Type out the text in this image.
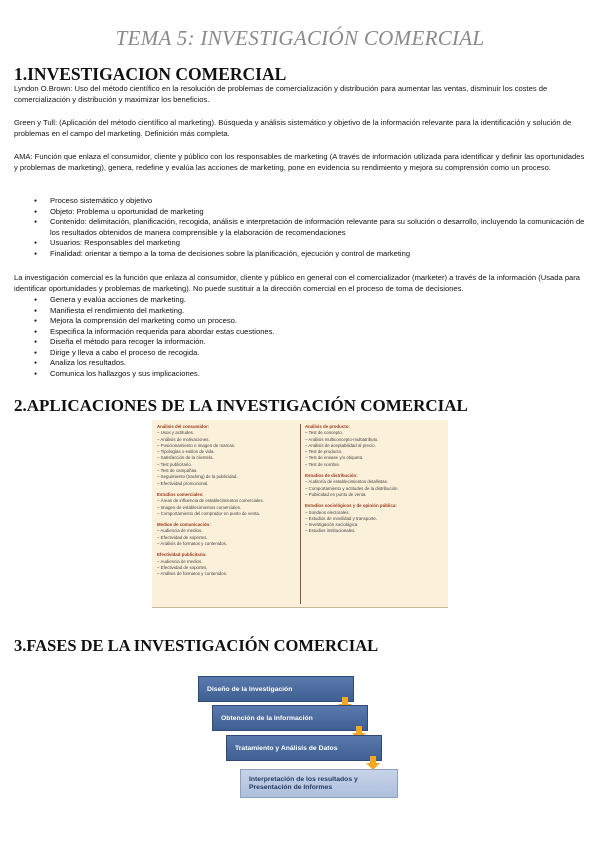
TEMA 5: INVESTIGACIÓN COMERCIAL
1.INVESTIGACION COMERCIAL
Lyndon O.Brown: Uso del método científico en la resolución de problemas de comercialización y distribución para aumentar las ventas, disminuir los costes de comercialización y distribución y maximizar los beneficios.
Green y Tull: (Aplicación del método científico al marketing). Búsqueda y análisis sistemático y objetivo de la información relevante para la identificación y solución de problemas en el campo del marketing. Definición más completa.
AMA: Función que enlaza el consumidor, cliente y público con los responsables de marketing (A través de información utilizada para identificar y definir las oportunidades y problemas de marketing), genera, redefine y evalúa las acciones de marketing, pone en evidencia su rendimiento y mejora su comprensión como un proceso.
● Proceso sistemático y objetivo
● Objeto: Problema u oportunidad de marketing
● Contenido: delimitación, planificación, recogida, análisis e interpretación de información relevante para su solución o desarrollo, incluyendo la comunicación de los resultados obtenidos de manera comprensible y la elaboración de recomendaciones
● Usuarios: Responsables del marketing
● Finalidad: orientar a tiempo a la toma de decisiones sobre la planificación, ejecución y control de marketing
La investigación comercial es la función que enlaza al consumidor, cliente y público en general con el comercializador (marketer) a través de la información (Usada para identificar oportunidades y problemas de marketing). No puede sustituir a la dirección comercial en el proceso de toma de decisiones.
● Genera y evalúa acciones de marketing.
● Manifiesta el rendimiento del marketing.
● Mejora la comprensión del marketing como un proceso.
● Especifica la información requerida para abordar estas cuestiones.
● Diseña el método para recoger la información.
● Dirige y lleva a cabo el proceso de recogida.
● Analiza los resultados.
● Comunica los hallazgos y sus implicaciones.
2.APLICACIONES DE LA INVESTIGACIÓN COMERCIAL
Análisis del consumidor:
– Usos y actitudes.
– Análisis de motivaciones.
– Posicionamiento e imagen de marcas.
– Tipologías o estilos de vida.
– Satisfacción de la clientela.
– Test publicitario.
– Test de campañas.
– Seguimiento (tracking) de la publicidad.
– Efectividad promocional.
Estudios comerciales:
– Áreas de influencia de establecimientos comerciales.
– Imagen de establecimientos comerciales.
– Comportamiento del comprador en punto de venta.
Medios de comunicación:
– Audiencia de medios.
– Efectividad de soportes.
– Análisis de formatos y contenidos.
Efectividad publicitaria:
– Audiencia de medios.
– Efectividad de soportes.
– Análisis de formatos y contenidos.
Análisis de producto:
– Test de concepto.
– Análisis multiconcepto-multiatributo.
– Análisis de aceptabilidad al precio.
– Test de producto.
– Test de envase y/o etiqueta.
– Test de nombre.
Estudios de distribución:
– Auditoría de establecimientos detallistas.
– Comportamiento y actitudes de la distribución.
– Publicidad en punto de venta.
Estudios sociológicos y de opinión pública:
– Sondeos electorales.
– Estudios de movilidad y transporte.
– Investigación sociológica.
– Estudios institucionales.
3.FASES DE LA INVESTIGACIÓN COMERCIAL
Diseño de la Investigación
Obtención de la Información
Tratamiento y Análisis de Datos
Interpretación de los resultados y Presentación de Informes
